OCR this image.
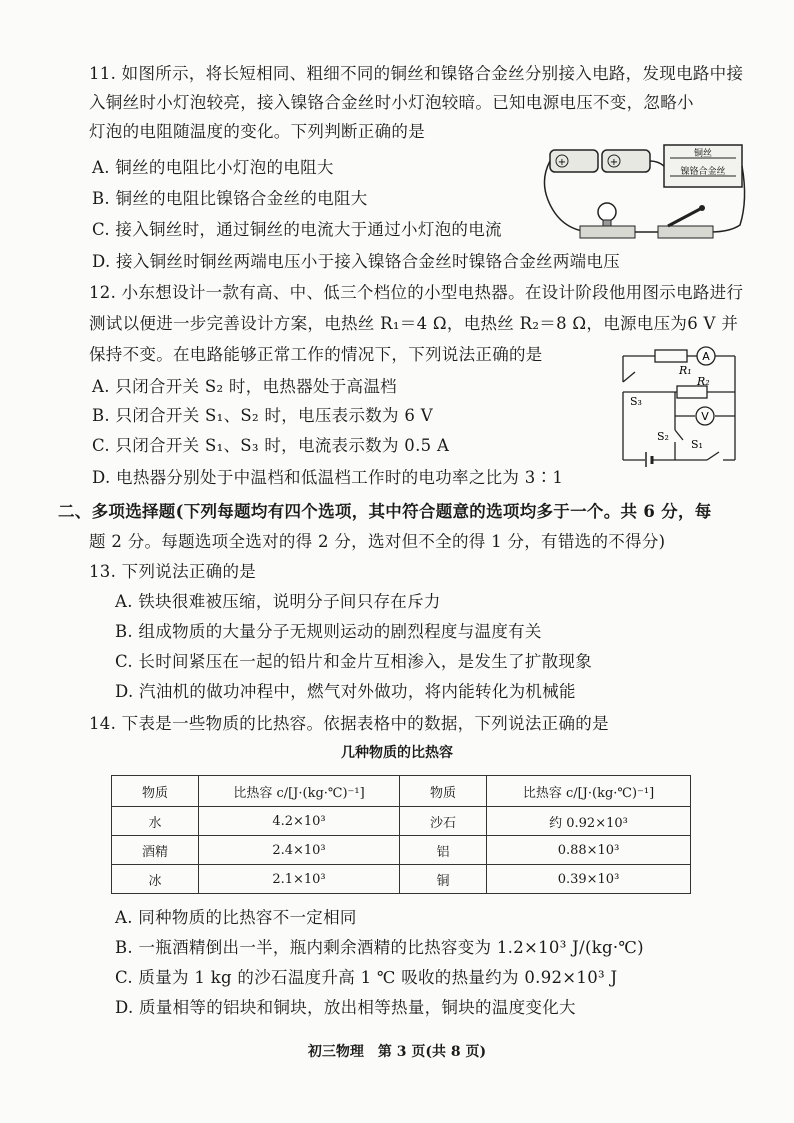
11. 如图所示，将长短相同、粗细不同的铜丝和镍铬合金丝分别接入电路，发现电路中接
入铜丝时小灯泡较亮，接入镍铬合金丝时小灯泡较暗。已知电源电压不变，忽略小
灯泡的电阻随温度的变化。下列判断正确的是
A. 铜丝的电阻比小灯泡的电阻大
B. 铜丝的电阻比镍铬合金丝的电阻大
C. 接入铜丝时，通过铜丝的电流大于通过小灯泡的电流
D. 接入铜丝时铜丝两端电压小于接入镍铬合金丝时镍铬合金丝两端电压
+	+
铜丝
镍铬合金丝
12. 小东想设计一款有高、中、低三个档位的小型电热器。在设计阶段他用图示电路进行
测试以便进一步完善设计方案，电热丝 R₁＝4 Ω，电热丝 R₂＝8 Ω，电源电压为6 V 并
保持不变。在电路能够正常工作的情况下，下列说法正确的是
A. 只闭合开关 S₂ 时，电热器处于高温档
B. 只闭合开关 S₁、S₂ 时，电压表示数为 6 V
C. 只闭合开关 S₁、S₃ 时，电流表示数为 0.5 A
D. 电热器分别处于中温档和低温档工作时的电功率之比为 3∶1
A
V
R₁
R₂
S₃
S₂
S₁
二、多项选择题(下列每题均有四个选项，其中符合题意的选项均多于一个。共 6 分，每
题 2 分。每题选项全选对的得 2 分，选对但不全的得 1 分，有错选的不得分)
13. 下列说法正确的是
A. 铁块很难被压缩，说明分子间只存在斥力
B. 组成物质的大量分子无规则运动的剧烈程度与温度有关
C. 长时间紧压在一起的铅片和金片互相渗入，是发生了扩散现象
D. 汽油机的做功冲程中，燃气对外做功，将内能转化为机械能
14. 下表是一些物质的比热容。依据表格中的数据，下列说法正确的是
几种物质的比热容
物质	比热容 c/[J·(kg·℃)⁻¹]	物质	比热容 c/[J·(kg·℃)⁻¹]
水	4.2×10³	沙石	约 0.92×10³
酒精	2.4×10³	铝	0.88×10³
冰	2.1×10³	铜	0.39×10³
A. 同种物质的比热容不一定相同
B. 一瓶酒精倒出一半，瓶内剩余酒精的比热容变为 1.2×10³ J/(kg·℃)
C. 质量为 1 kg 的沙石温度升高 1 ℃ 吸收的热量约为 0.92×10³ J
D. 质量相等的铝块和铜块，放出相等热量，铜块的温度变化大
初三物理　第 3 页(共 8 页)
